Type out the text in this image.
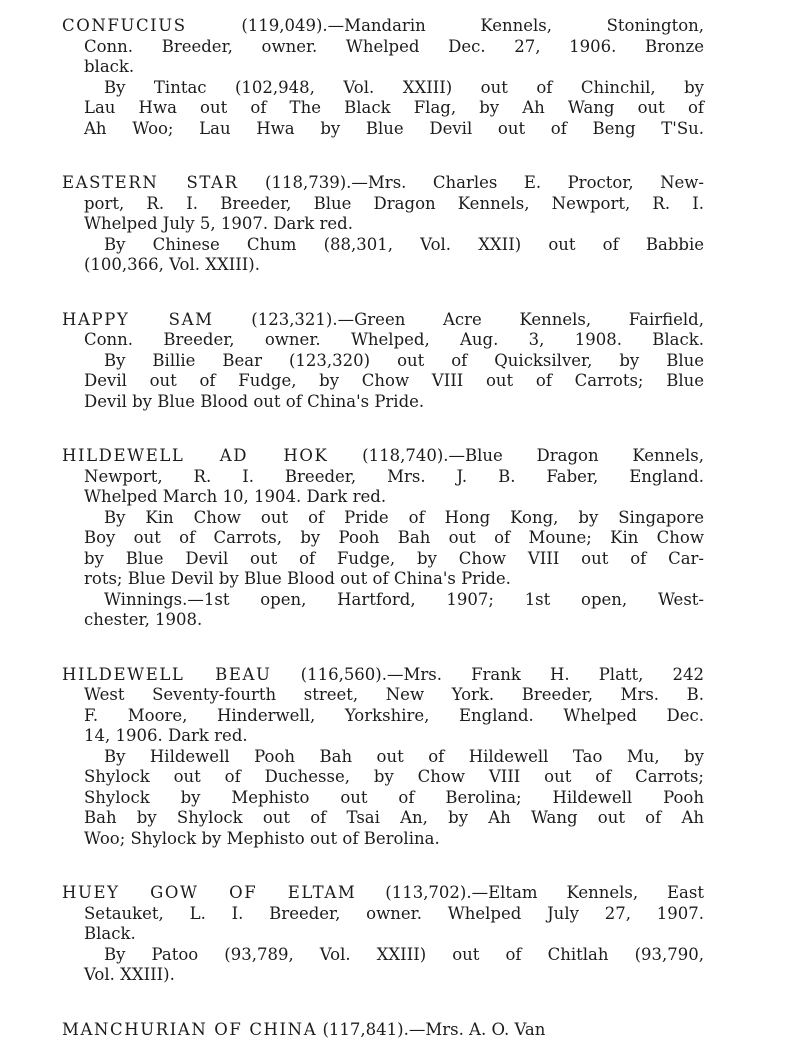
CONFUCIUS (119,049).—Mandarin Kennels, Stonington,
Conn. Breeder, owner. Whelped Dec. 27, 1906. Bronze
black.
By Tintac (102,948, Vol. XXIII) out of Chinchil, by
Lau Hwa out of The Black Flag, by Ah Wang out of
Ah Woo; Lau Hwa by Blue Devil out of Beng T'Su.
EASTERN STAR (118,739).—Mrs. Charles E. Proctor, New-
port, R. I. Breeder, Blue Dragon Kennels, Newport, R. I.
Whelped July 5, 1907. Dark red.
By Chinese Chum (88,301, Vol. XXII) out of Babbie
(100,366, Vol. XXIII).
HAPPY SAM (123,321).—Green Acre Kennels, Fairfield,
Conn. Breeder, owner. Whelped, Aug. 3, 1908. Black.
By Billie Bear (123,320) out of Quicksilver, by Blue
Devil out of Fudge, by Chow VIII out of Carrots; Blue
Devil by Blue Blood out of China's Pride.
HILDEWELL AD HOK (118,740).—Blue Dragon Kennels,
Newport, R. I. Breeder, Mrs. J. B. Faber, England.
Whelped March 10, 1904. Dark red.
By Kin Chow out of Pride of Hong Kong, by Singapore
Boy out of Carrots, by Pooh Bah out of Moune; Kin Chow
by Blue Devil out of Fudge, by Chow VIII out of Car-
rots; Blue Devil by Blue Blood out of China's Pride.
Winnings.—1st open, Hartford, 1907; 1st open, West-
chester, 1908.
HILDEWELL BEAU (116,560).—Mrs. Frank H. Platt, 242
West Seventy-fourth street, New York. Breeder, Mrs. B.
F. Moore, Hinderwell, Yorkshire, England. Whelped Dec.
14, 1906. Dark red.
By Hildewell Pooh Bah out of Hildewell Tao Mu, by
Shylock out of Duchesse, by Chow VIII out of Carrots;
Shylock by Mephisto out of Berolina; Hildewell Pooh
Bah by Shylock out of Tsai An, by Ah Wang out of Ah
Woo; Shylock by Mephisto out of Berolina.
HUEY GOW OF ELTAM (113,702).—Eltam Kennels, East
Setauket, L. I. Breeder, owner. Whelped July 27, 1907.
Black.
By Patoo (93,789, Vol. XXIII) out of Chitlah (93,790,
Vol. XXIII).
MANCHURIAN OF CHINA (117,841).—Mrs. A. O. Van
